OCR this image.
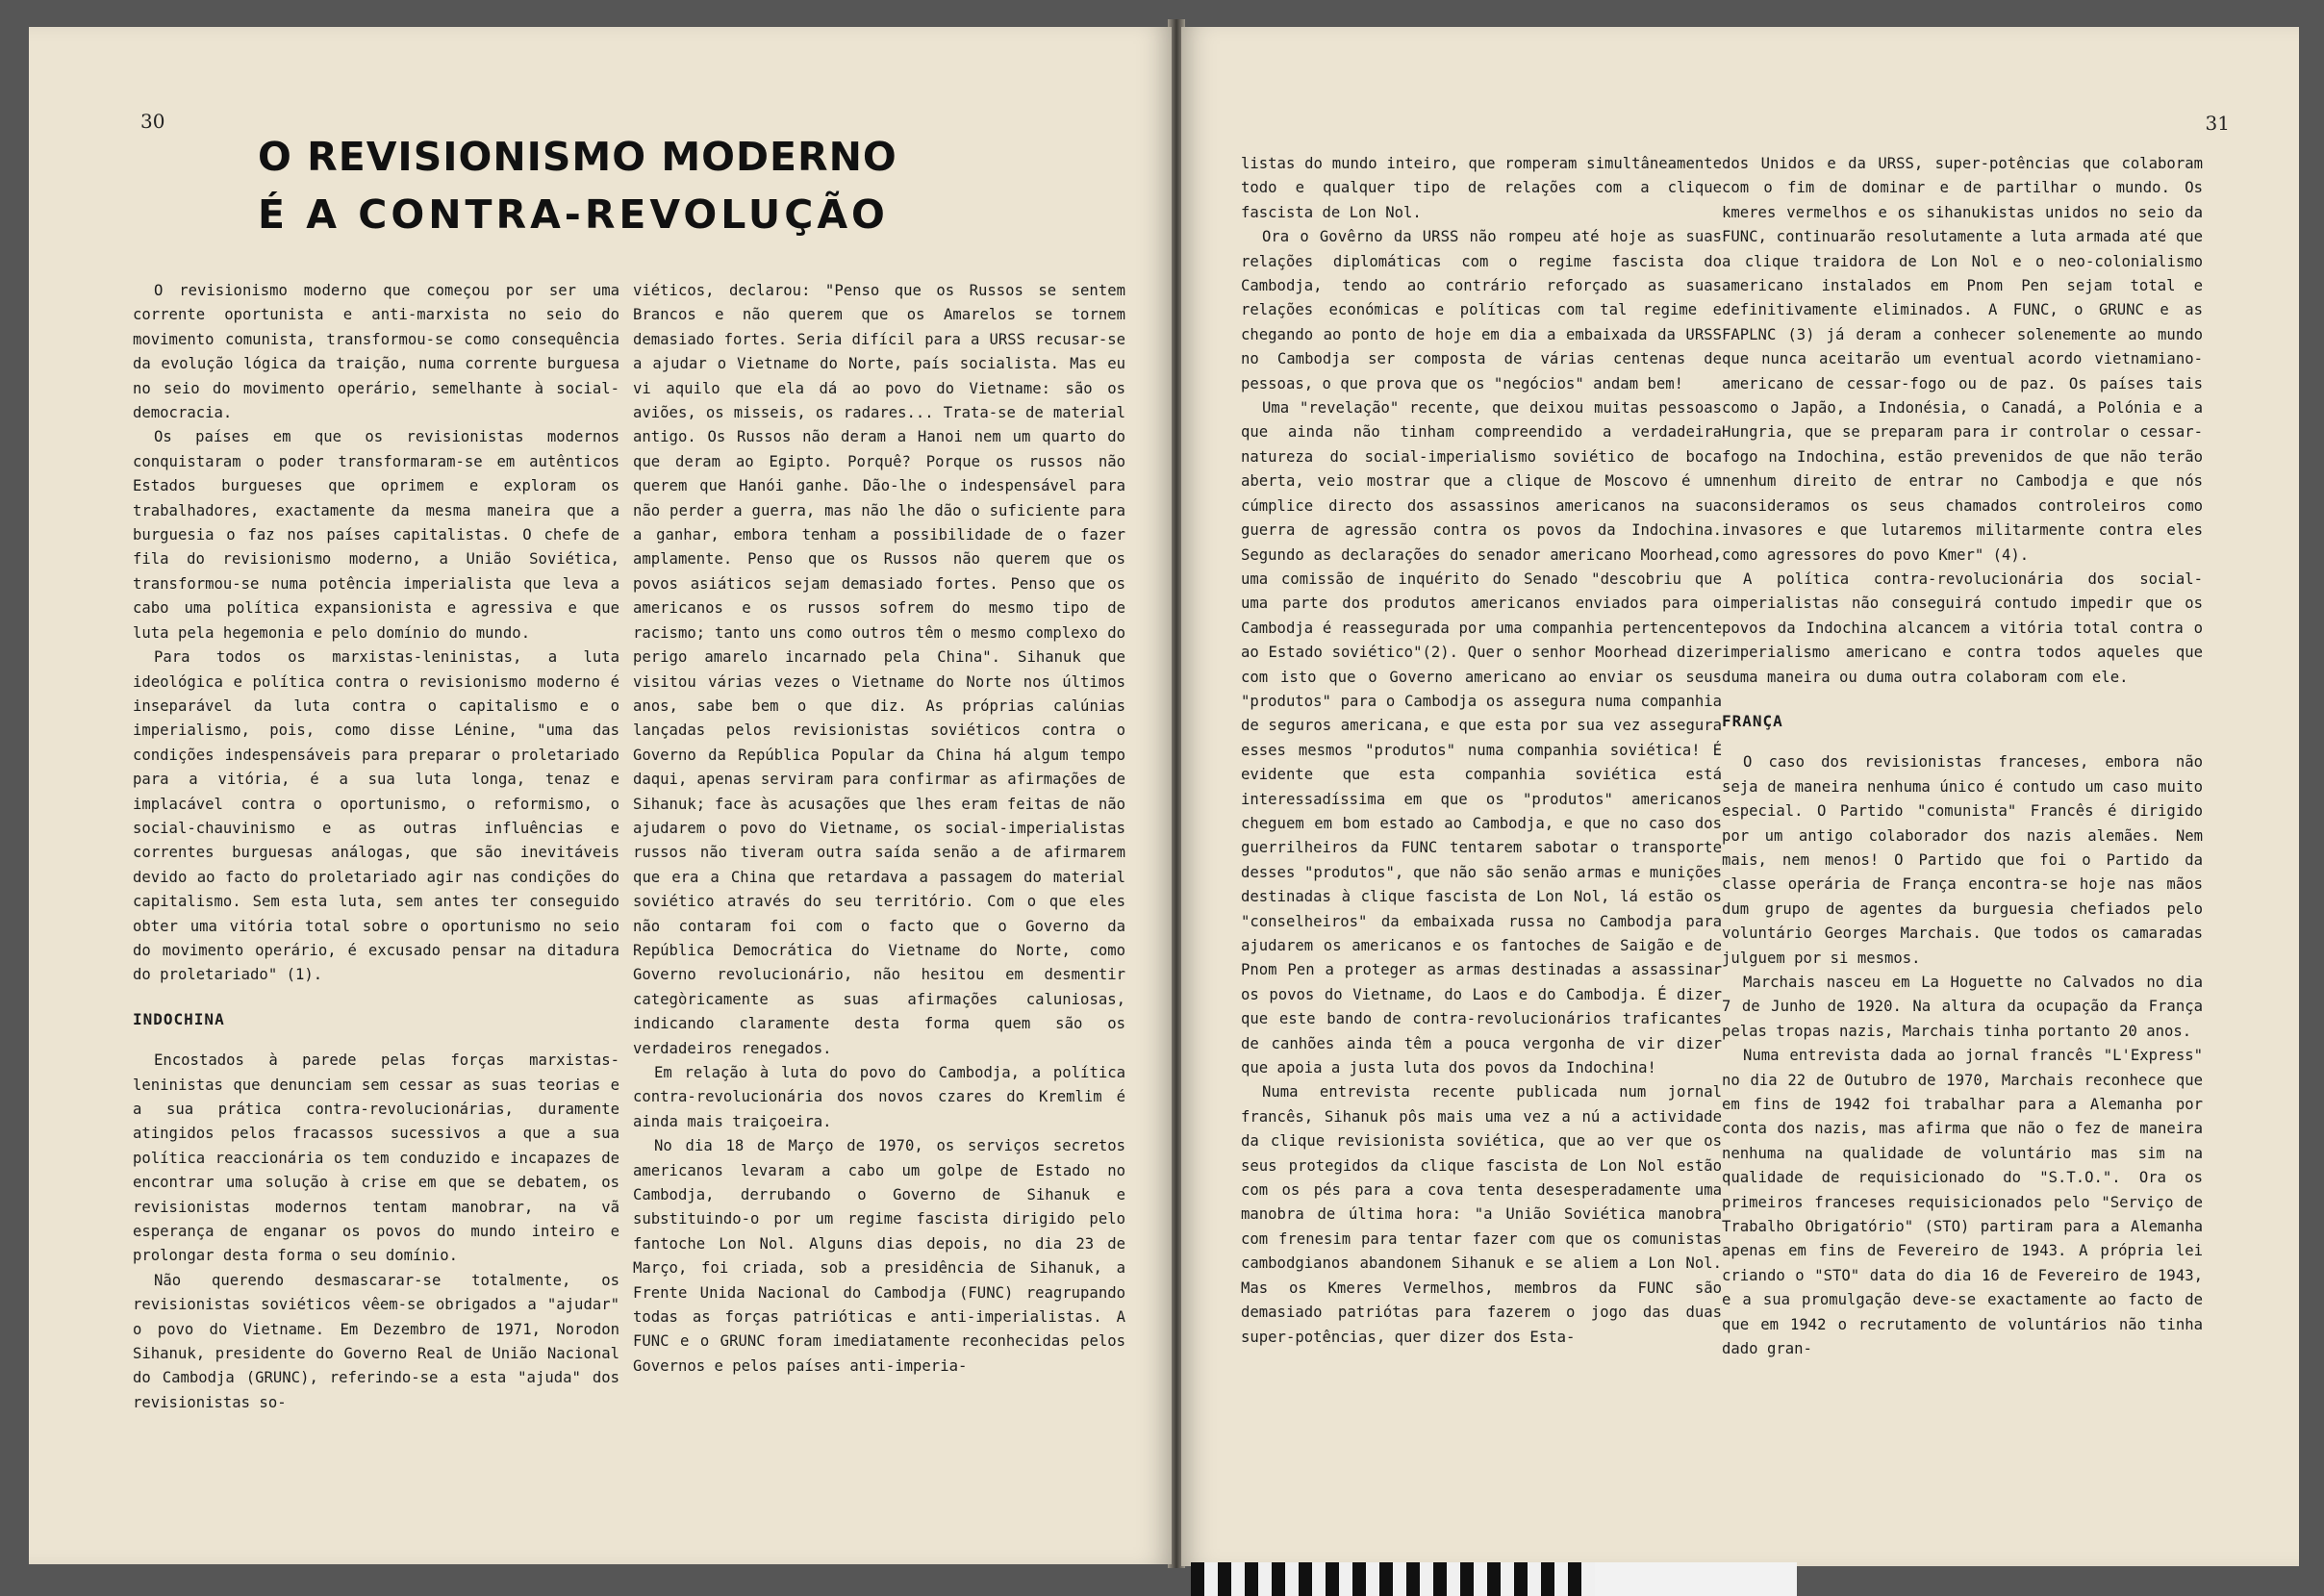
30
O REVISIONISMO MODERNO
É A CONTRA-REVOLUÇÃO

O revisionismo moderno que começou por ser uma corrente oportunista e anti-marxista no seio do movimento comunista, transformou-se como consequência da evolução lógica da traição, numa corrente burguesa no seio do movimento operário, semelhante à social-democracia.

Os países em que os revisionistas modernos conquistaram o poder transformaram-se em autênticos Estados burgueses que oprimem e exploram os trabalhadores, exactamente da mesma maneira que a burguesia o faz nos países capitalistas. O chefe de fila do revisionismo moderno, a União Soviética, transformou-se numa potência imperialista que leva a cabo uma política expansionista e agressiva e que luta pela hegemonia e pelo domínio do mundo.

Para todos os marxistas-leninistas, a luta ideológica e política contra o revisionismo moderno é inseparável da luta contra o capitalismo e o imperialismo, pois, como disse Lénine, "uma das condições indespensáveis para preparar o proletariado para a vitória, é a sua luta longa, tenaz e implacável contra o oportunismo, o reformismo, o social-chauvinismo e as outras influências e correntes burguesas análogas, que são inevitáveis devido ao facto do proletariado agir nas condições do capitalismo. Sem esta luta, sem antes ter conseguido obter uma vitória total sobre o oportunismo no seio do movimento operário, é excusado pensar na ditadura do proletariado" (1).

INDOCHINA

Encostados à parede pelas forças marxistas-leninistas que denunciam sem cessar as suas teorias e a sua prática contra-revolucionárias, duramente atingidos pelos fracassos sucessivos a que a sua política reaccionária os tem conduzido e incapazes de encontrar uma solução à crise em que se debatem, os revisionistas modernos tentam manobrar, na vã esperança de enganar os povos do mundo inteiro e prolongar desta forma o seu domínio.

Não querendo desmascarar-se totalmente, os revisionistas soviéticos vêem-se obrigados a "ajudar" o povo do Vietname. Em Dezembro de 1971, Norodon Sihanuk, presidente do Governo Real de União Nacional do Cambodja (GRUNC), referindo-se a esta "ajuda" dos revisionistas so-

viéticos, declarou: "Penso que os Russos se sentem Brancos e não querem que os Amarelos se tornem demasiado fortes. Seria difícil para a URSS recusar-se a ajudar o Vietname do Norte, país socialista. Mas eu vi aquilo que ela dá ao povo do Vietname: são os aviões, os misseis, os radares... Trata-se de material antigo. Os Russos não deram a Hanoi nem um quarto do que deram ao Egipto. Porquê? Porque os russos não querem que Hanói ganhe. Dão-lhe o indespensável para não perder a guerra, mas não lhe dão o suficiente para a ganhar, embora tenham a possibilidade de o fazer amplamente. Penso que os Russos não querem que os povos asiáticos sejam demasiado fortes. Penso que os americanos e os russos sofrem do mesmo tipo de racismo; tanto uns como outros têm o mesmo complexo do perigo amarelo incarnado pela China". Sihanuk que visitou várias vezes o Vietname do Norte nos últimos anos, sabe bem o que diz. As próprias calúnias lançadas pelos revisionistas soviéticos contra o Governo da República Popular da China há algum tempo daqui, apenas serviram para confirmar as afirmações de Sihanuk; face às acusações que lhes eram feitas de não ajudarem o povo do Vietname, os social-imperialistas russos não tiveram outra saída senão a de afirmarem que era a China que retardava a passagem do material soviético através do seu território. Com o que eles não contaram foi com o facto que o Governo da República Democrática do Vietname do Norte, como Governo revolucionário, não hesitou em desmentir categòricamente as suas afirmações caluniosas, indicando claramente desta forma quem são os verdadeiros renegados.

Em relação à luta do povo do Cambodja, a política contra-revolucionária dos novos czares do Kremlim é ainda mais traiçoeira.

No dia 18 de Março de 1970, os serviços secretos americanos levaram a cabo um golpe de Estado no Cambodja, derrubando o Governo de Sihanuk e substituindo-o por um regime fascista dirigido pelo fantoche Lon Nol. Alguns dias depois, no dia 23 de Março, foi criada, sob a presidência de Sihanuk, a Frente Unida Nacional do Cambodja (FUNC) reagrupando todas as forças patrióticas e anti-imperialistas. A FUNC e o GRUNC foram imediatamente reconhecidas pelos Governos e pelos países anti-imperia-

31

listas do mundo inteiro, que romperam simultâneamente todo e qualquer tipo de relações com a clique fascista de Lon Nol.

Ora o Govêrno da URSS não rompeu até hoje as suas relações diplomáticas com o regime fascista do Cambodja, tendo ao contrário reforçado as suas relações económicas e políticas com tal regime e chegando ao ponto de hoje em dia a embaixada da URSS no Cambodja ser composta de várias centenas de pessoas, o que prova que os "negócios" andam bem!

Uma "revelação" recente, que deixou muitas pessoas que ainda não tinham compreendido a verdadeira natureza do social-imperialismo soviético de boca aberta, veio mostrar que a clique de Moscovo é um cúmplice directo dos assassinos americanos na sua guerra de agressão contra os povos da Indochina. Segundo as declarações do senador americano Moorhead, uma comissão de inquérito do Senado "descobriu que uma parte dos produtos americanos enviados para o Cambodja é reassegurada por uma companhia pertencente ao Estado soviético"(2). Quer o senhor Moorhead dizer com isto que o Governo americano ao enviar os seus "produtos" para o Cambodja os assegura numa companhia de seguros americana, e que esta por sua vez assegura esses mesmos "produtos" numa companhia soviética! É evidente que esta companhia soviética está interessadíssima em que os "produtos" americanos cheguem em bom estado ao Cambodja, e que no caso dos guerrilheiros da FUNC tentarem sabotar o transporte desses "produtos", que não são senão armas e munições destinadas à clique fascista de Lon Nol, lá estão os "conselheiros" da embaixada russa no Cambodja para ajudarem os americanos e os fantoches de Saigão e de Pnom Pen a proteger as armas destinadas a assassinar os povos do Vietname, do Laos e do Cambodja. É dizer que este bando de contra-revolucionários traficantes de canhões ainda têm a pouca vergonha de vir dizer que apoia a justa luta dos povos da Indochina!

Numa entrevista recente publicada num jornal francês, Sihanuk pôs mais uma vez a nú a actividade da clique revisionista soviética, que ao ver que os seus protegidos da clique fascista de Lon Nol estão com os pés para a cova tenta desesperadamente uma manobra de última hora: "a União Soviética manobra com frenesim para tentar fazer com que os comunistas cambodgianos abandonem Sihanuk e se aliem a Lon Nol. Mas os Kmeres Vermelhos, membros da FUNC são demasiado patriótas para fazerem o jogo das duas super-potências, quer dizer dos Esta-

dos Unidos e da URSS, super-potências que colaboram com o fim de dominar e de partilhar o mundo. Os kmeres vermelhos e os sihanukistas unidos no seio da FUNC, continuarão resolutamente a luta armada até que a clique traidora de Lon Nol e o neo-colonialismo americano instalados em Pnom Pen sejam total e definitivamente eliminados. A FUNC, o GRUNC e as FAPLNC (3) já deram a conhecer solenemente ao mundo que nunca aceitarão um eventual acordo vietnamiano-americano de cessar-fogo ou de paz. Os países tais como o Japão, a Indonésia, o Canadá, a Polónia e a Hungria, que se preparam para ir controlar o cessar-fogo na Indochina, estão prevenidos de que não terão nenhum direito de entrar no Cambodja e que nós consideramos os seus chamados controleiros como invasores e que lutaremos militarmente contra eles como agressores do povo Kmer" (4).

A política contra-revolucionária dos social-imperialistas não conseguirá contudo impedir que os povos da Indochina alcancem a vitória total contra o imperialismo americano e contra todos aqueles que duma maneira ou duma outra colaboram com ele.

FRANÇA

O caso dos revisionistas franceses, embora não seja de maneira nenhuma único é contudo um caso muito especial. O Partido "comunista" Francês é dirigido por um antigo colaborador dos nazis alemães. Nem mais, nem menos! O Partido que foi o Partido da classe operária de França encontra-se hoje nas mãos dum grupo de agentes da burguesia chefiados pelo voluntário Georges Marchais. Que todos os camaradas julguem por si mesmos.

Marchais nasceu em La Hoguette no Calvados no dia 7 de Junho de 1920. Na altura da ocupação da França pelas tropas nazis, Marchais tinha portanto 20 anos.

Numa entrevista dada ao jornal francês "L'Express" no dia 22 de Outubro de 1970, Marchais reconhece que em fins de 1942 foi trabalhar para a Alemanha por conta dos nazis, mas afirma que não o fez de maneira nenhuma na qualidade de voluntário mas sim na qualidade de requisicionado do "S.T.O.". Ora os primeiros franceses requisicionados pelo "Serviço de Trabalho Obrigatório" (STO) partiram para a Alemanha apenas em fins de Fevereiro de 1943. A própria lei criando o "STO" data do dia 16 de Fevereiro de 1943, e a sua promulgação deve-se exactamente ao facto de que em 1942 o recrutamento de voluntários não tinha dado gran-
